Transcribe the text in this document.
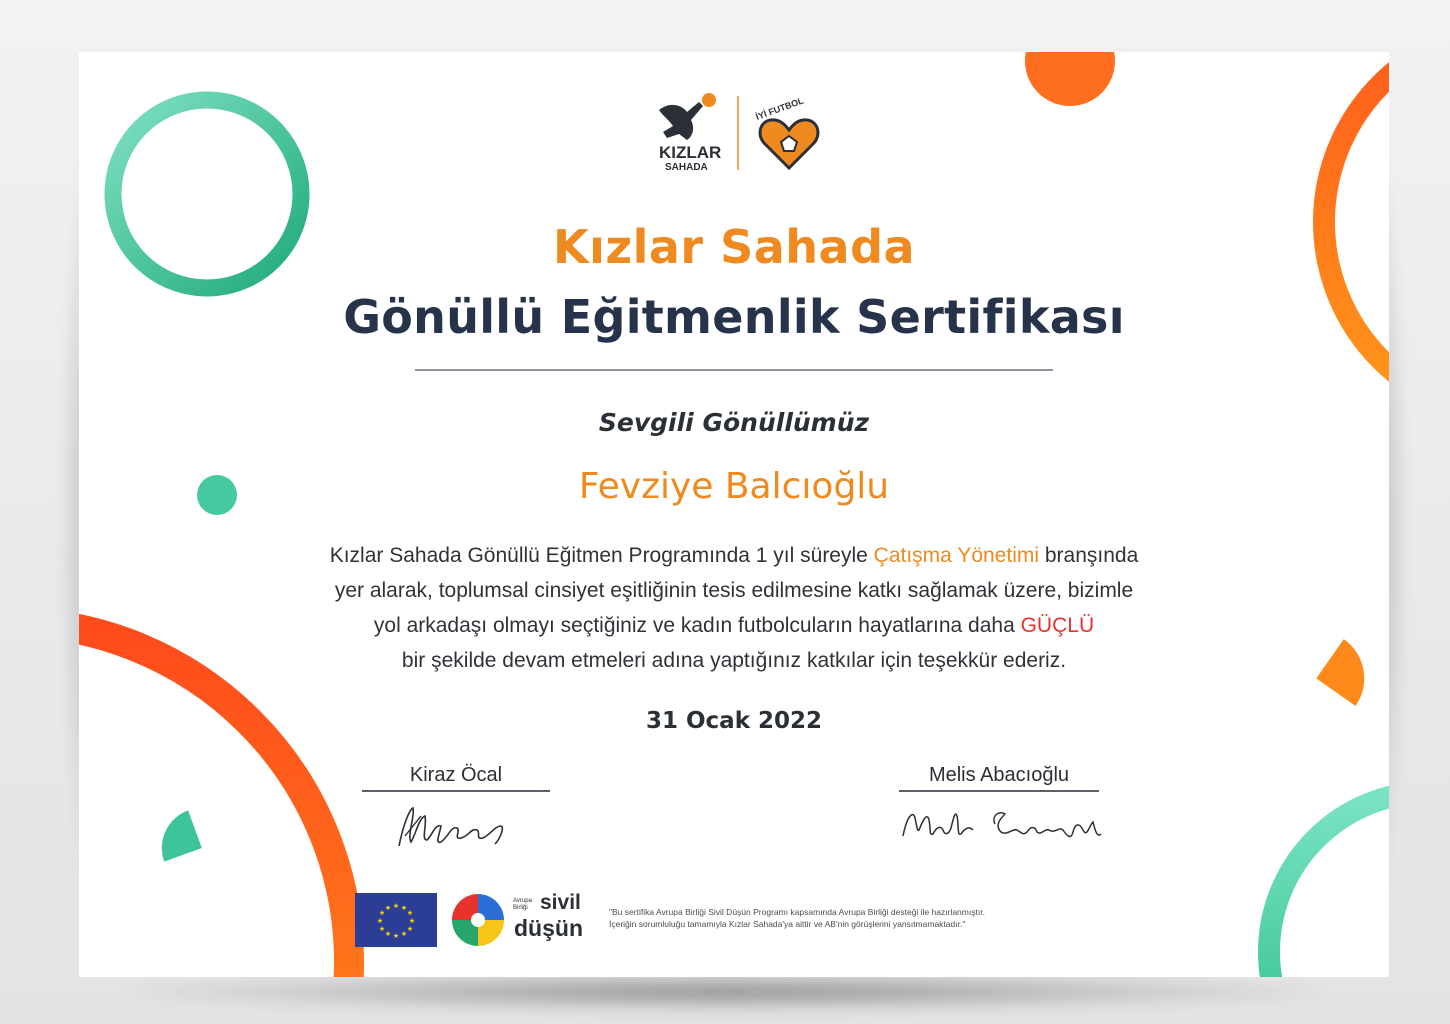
KIZLAR
SAHADA
İYİ FUTBOL
Kızlar Sahada
Gönüllü Eğitmenlik Sertifikası
Sevgili Gönüllümüz
Fevziye Balcıoğlu
Kızlar Sahada Gönüllü Eğitmen Programında 1 yıl süreyle Çatışma Yönetimi branşında
yer alarak, toplumsal cinsiyet eşitliğinin tesis edilmesine katkı sağlamak üzere, bizimle
yol arkadaşı olmayı seçtiğiniz ve kadın futbolcuların hayatlarına daha GÜÇLÜ
bir şekilde devam etmeleri adına yaptığınız katkılar için teşekkür ederiz.
31 Ocak 2022
Kiraz Öcal	Melis Abacıoğlu
★ ★
★
★
★
★
★
★
★
★
★
★
Avrupa
Birliği sivil
düşün
"Bu sertifika Avrupa Birliği Sivil Düşün Programı kapsamında Avrupa Birliği desteği ile hazırlanmıştır.
İçeriğin sorumluluğu tamamıyla Kızlar Sahada'ya aittir ve AB'nin görüşlerini yansıtmamaktadır."
